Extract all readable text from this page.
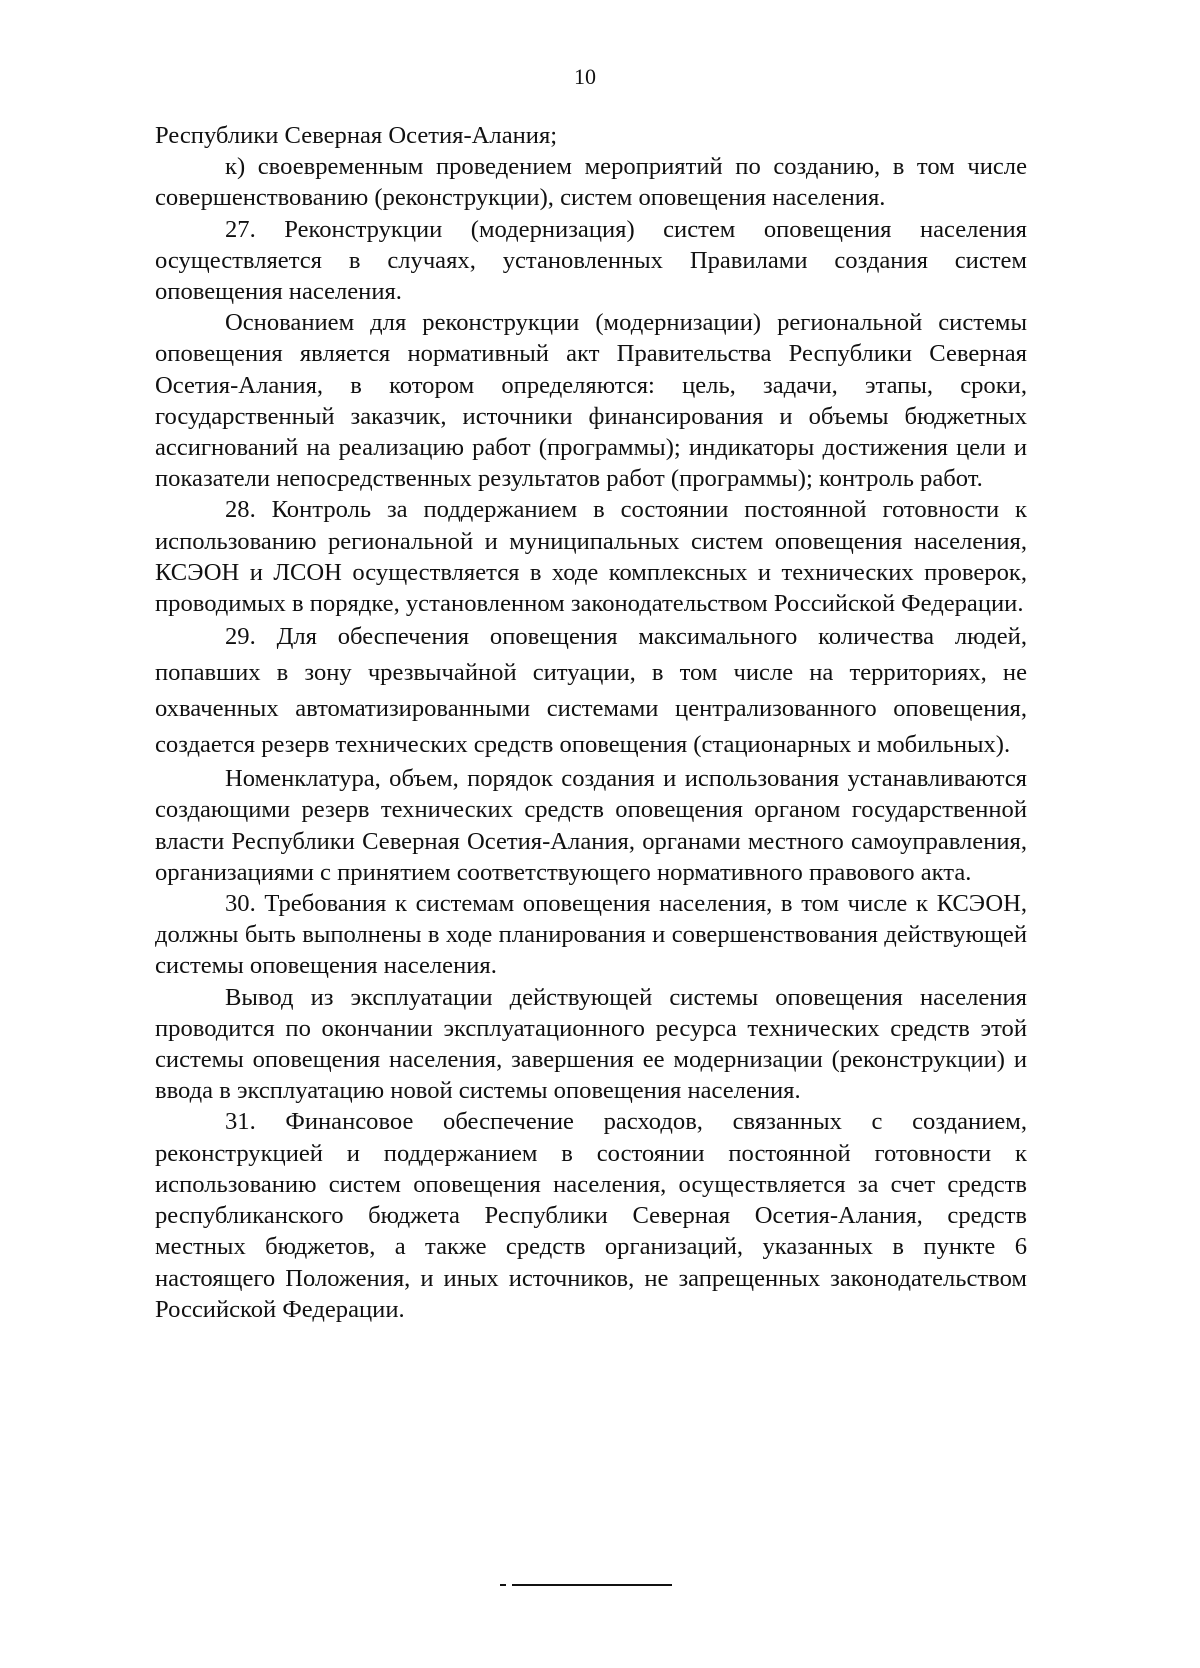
10

Республики Северная Осетия-Алания;

к) своевременным проведением мероприятий по созданию, в том числе совершенствованию (реконструкции), систем оповещения населения.

27. Реконструкции (модернизация) систем оповещения населения осуществляется в случаях, установленных Правилами создания систем оповещения населения.

Основанием для реконструкции (модернизации) региональной системы оповещения является нормативный акт Правительства Республики Северная Осетия-Алания, в котором определяются: цель, задачи, этапы, сроки, государственный заказчик, источники финансирования и объемы бюджетных ассигнований на реализацию работ (программы); индикаторы достижения цели и показатели непосредственных результатов работ (программы); контроль работ.

28. Контроль за поддержанием в состоянии постоянной готовности к использованию региональной и муниципальных систем оповещения населения, КСЭОН и ЛСОН осуществляется в ходе комплексных и технических проверок, проводимых в порядке, установленном законодательством Российской Федерации.

29. Для обеспечения оповещения максимального количества людей, попавших в зону чрезвычайной ситуации, в том числе на территориях, не охваченных автоматизированными системами централизованного оповещения, создается резерв технических средств оповещения (стационарных и мобильных).

Номенклатура, объем, порядок создания и использования устанавливаются создающими резерв технических средств оповещения органом государственной власти Республики Северная Осетия-Алания, органами местного самоуправления, организациями с принятием соответствующего нормативного правового акта.

30. Требования к системам оповещения населения, в том числе к КСЭОН, должны быть выполнены в ходе планирования и совершенствования действующей системы оповещения населения.

Вывод из эксплуатации действующей системы оповещения населения проводится по окончании эксплуатационного ресурса технических средств этой системы оповещения населения, завершения ее модернизации (реконструкции) и ввода в эксплуатацию новой системы оповещения населения.

31. Финансовое обеспечение расходов, связанных с созданием, реконструкцией и поддержанием в состоянии постоянной готовности к использованию систем оповещения населения, осуществляется за счет средств республиканского бюджета Республики Северная Осетия-Алания, средств местных бюджетов, а также средств организаций, указанных в пункте 6 настоящего Положения, и иных источников, не запрещенных законодательством Российской Федерации.
